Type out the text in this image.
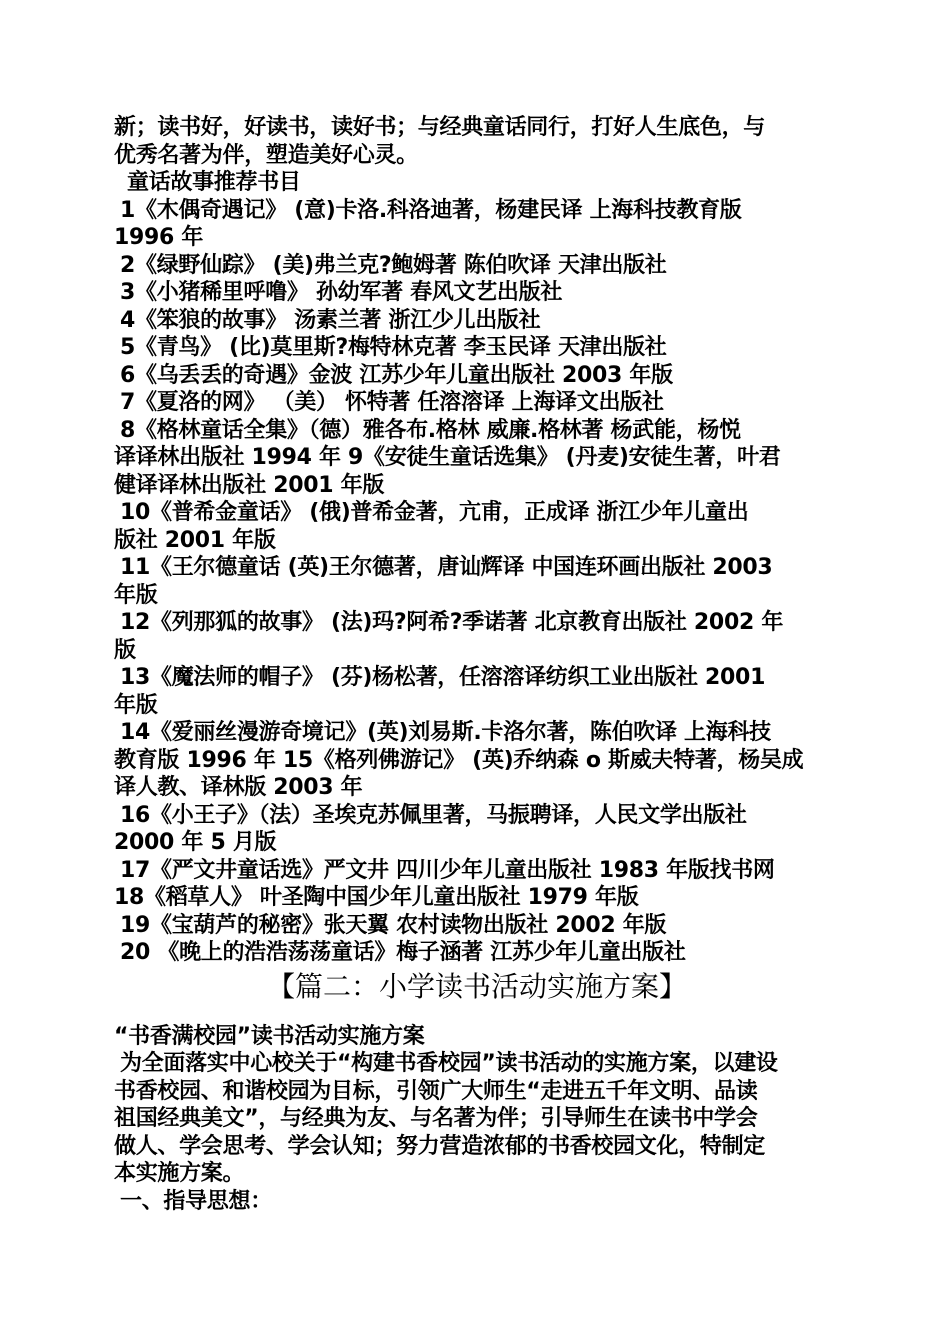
新；读书好，好读书，读好书；与经典童话同行，打好人生底色，与
优秀名著为伴，塑造美好心灵。
童话故事推荐书目
1《木偶奇遇记》 (意)卡洛.科洛迪著，杨建民译 上海科技教育版
1996 年
2《绿野仙踪》 (美)弗兰克?鲍姆著 陈伯吹译 天津出版社
3《小猪稀里呼噜》 孙幼军著 春风文艺出版社
4《笨狼的故事》 汤素兰著 浙江少儿出版社
5《青鸟》 (比)莫里斯?梅特林克著 李玉民译 天津出版社
6《乌丢丢的奇遇》金波 江苏少年儿童出版社 2003 年版
7《夏洛的网》 （美） 怀特著 任溶溶译 上海译文出版社
8《格林童话全集》（德）雅各布.格林 威廉.格林著 杨武能，杨悦
译译林出版社 1994 年 9《安徒生童话选集》 (丹麦)安徒生著，叶君
健译译林出版社 2001 年版
10《普希金童话》 (俄)普希金著，亢甫，正成译 浙江少年儿童出
版社 2001 年版
11《王尔德童话 (英)王尔德著，唐讪辉译 中国连环画出版社 2003
年版
12《列那狐的故事》 (法)玛?阿希?季诺著 北京教育出版社 2002 年
版
13《魔法师的帽子》 (芬)杨松著，任溶溶译纺织工业出版社 2001
年版
14《爱丽丝漫游奇境记》(英)刘易斯.卡洛尔著，陈伯吹译 上海科技
教育版 1996 年 15《格列佛游记》 (英)乔纳森 o 斯威夫特著，杨吴成
译人教、译林版 2003 年
16《小王子》（法）圣埃克苏佩里著，马振聘译，人民文学出版社
2000 年 5 月版
17《严文井童话选》严文井 四川少年儿童出版社 1983 年版找书网
18《稻草人》 叶圣陶中国少年儿童出版社 1979 年版
19《宝葫芦的秘密》张天翼 农村读物出版社 2002 年版
20 《晚上的浩浩荡荡童话》梅子涵著 江苏少年儿童出版社
【篇二：小学读书活动实施方案】
“书香满校园”读书活动实施方案
为全面落实中心校关于“构建书香校园”读书活动的实施方案，以建设
书香校园、和谐校园为目标，引领广大师生“走进五千年文明、品读
祖国经典美文”，与经典为友、与名著为伴；引导师生在读书中学会
做人、学会思考、学会认知；努力营造浓郁的书香校园文化，特制定
本实施方案。
一、指导思想：
